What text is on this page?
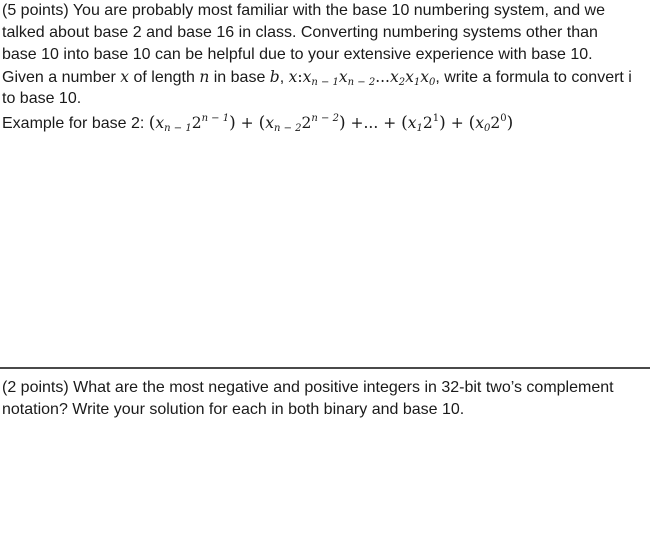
(5 points) You are probably most familiar with the base 10 numbering system, and we
talked about base 2 and base 16 in class. Converting numbering systems other than
base 10 into base 10 can be helpful due to your extensive experience with base 10.
Given a number x of length n in base b, $x:x_{n - 1}x_{n - 2}...x_2x_1x_0$, write a formula to convert i
to base 10.
Example for base 2: $(x_{n - 1}2^{n - 1}) + (x_{n - 2}2^{n - 2})$ +... + $(x_12^1) + (x_02^0)$
(2 points) What are the most negative and positive integers in 32-bit two’s complement
notation? Write your solution for each in both binary and base 10.
